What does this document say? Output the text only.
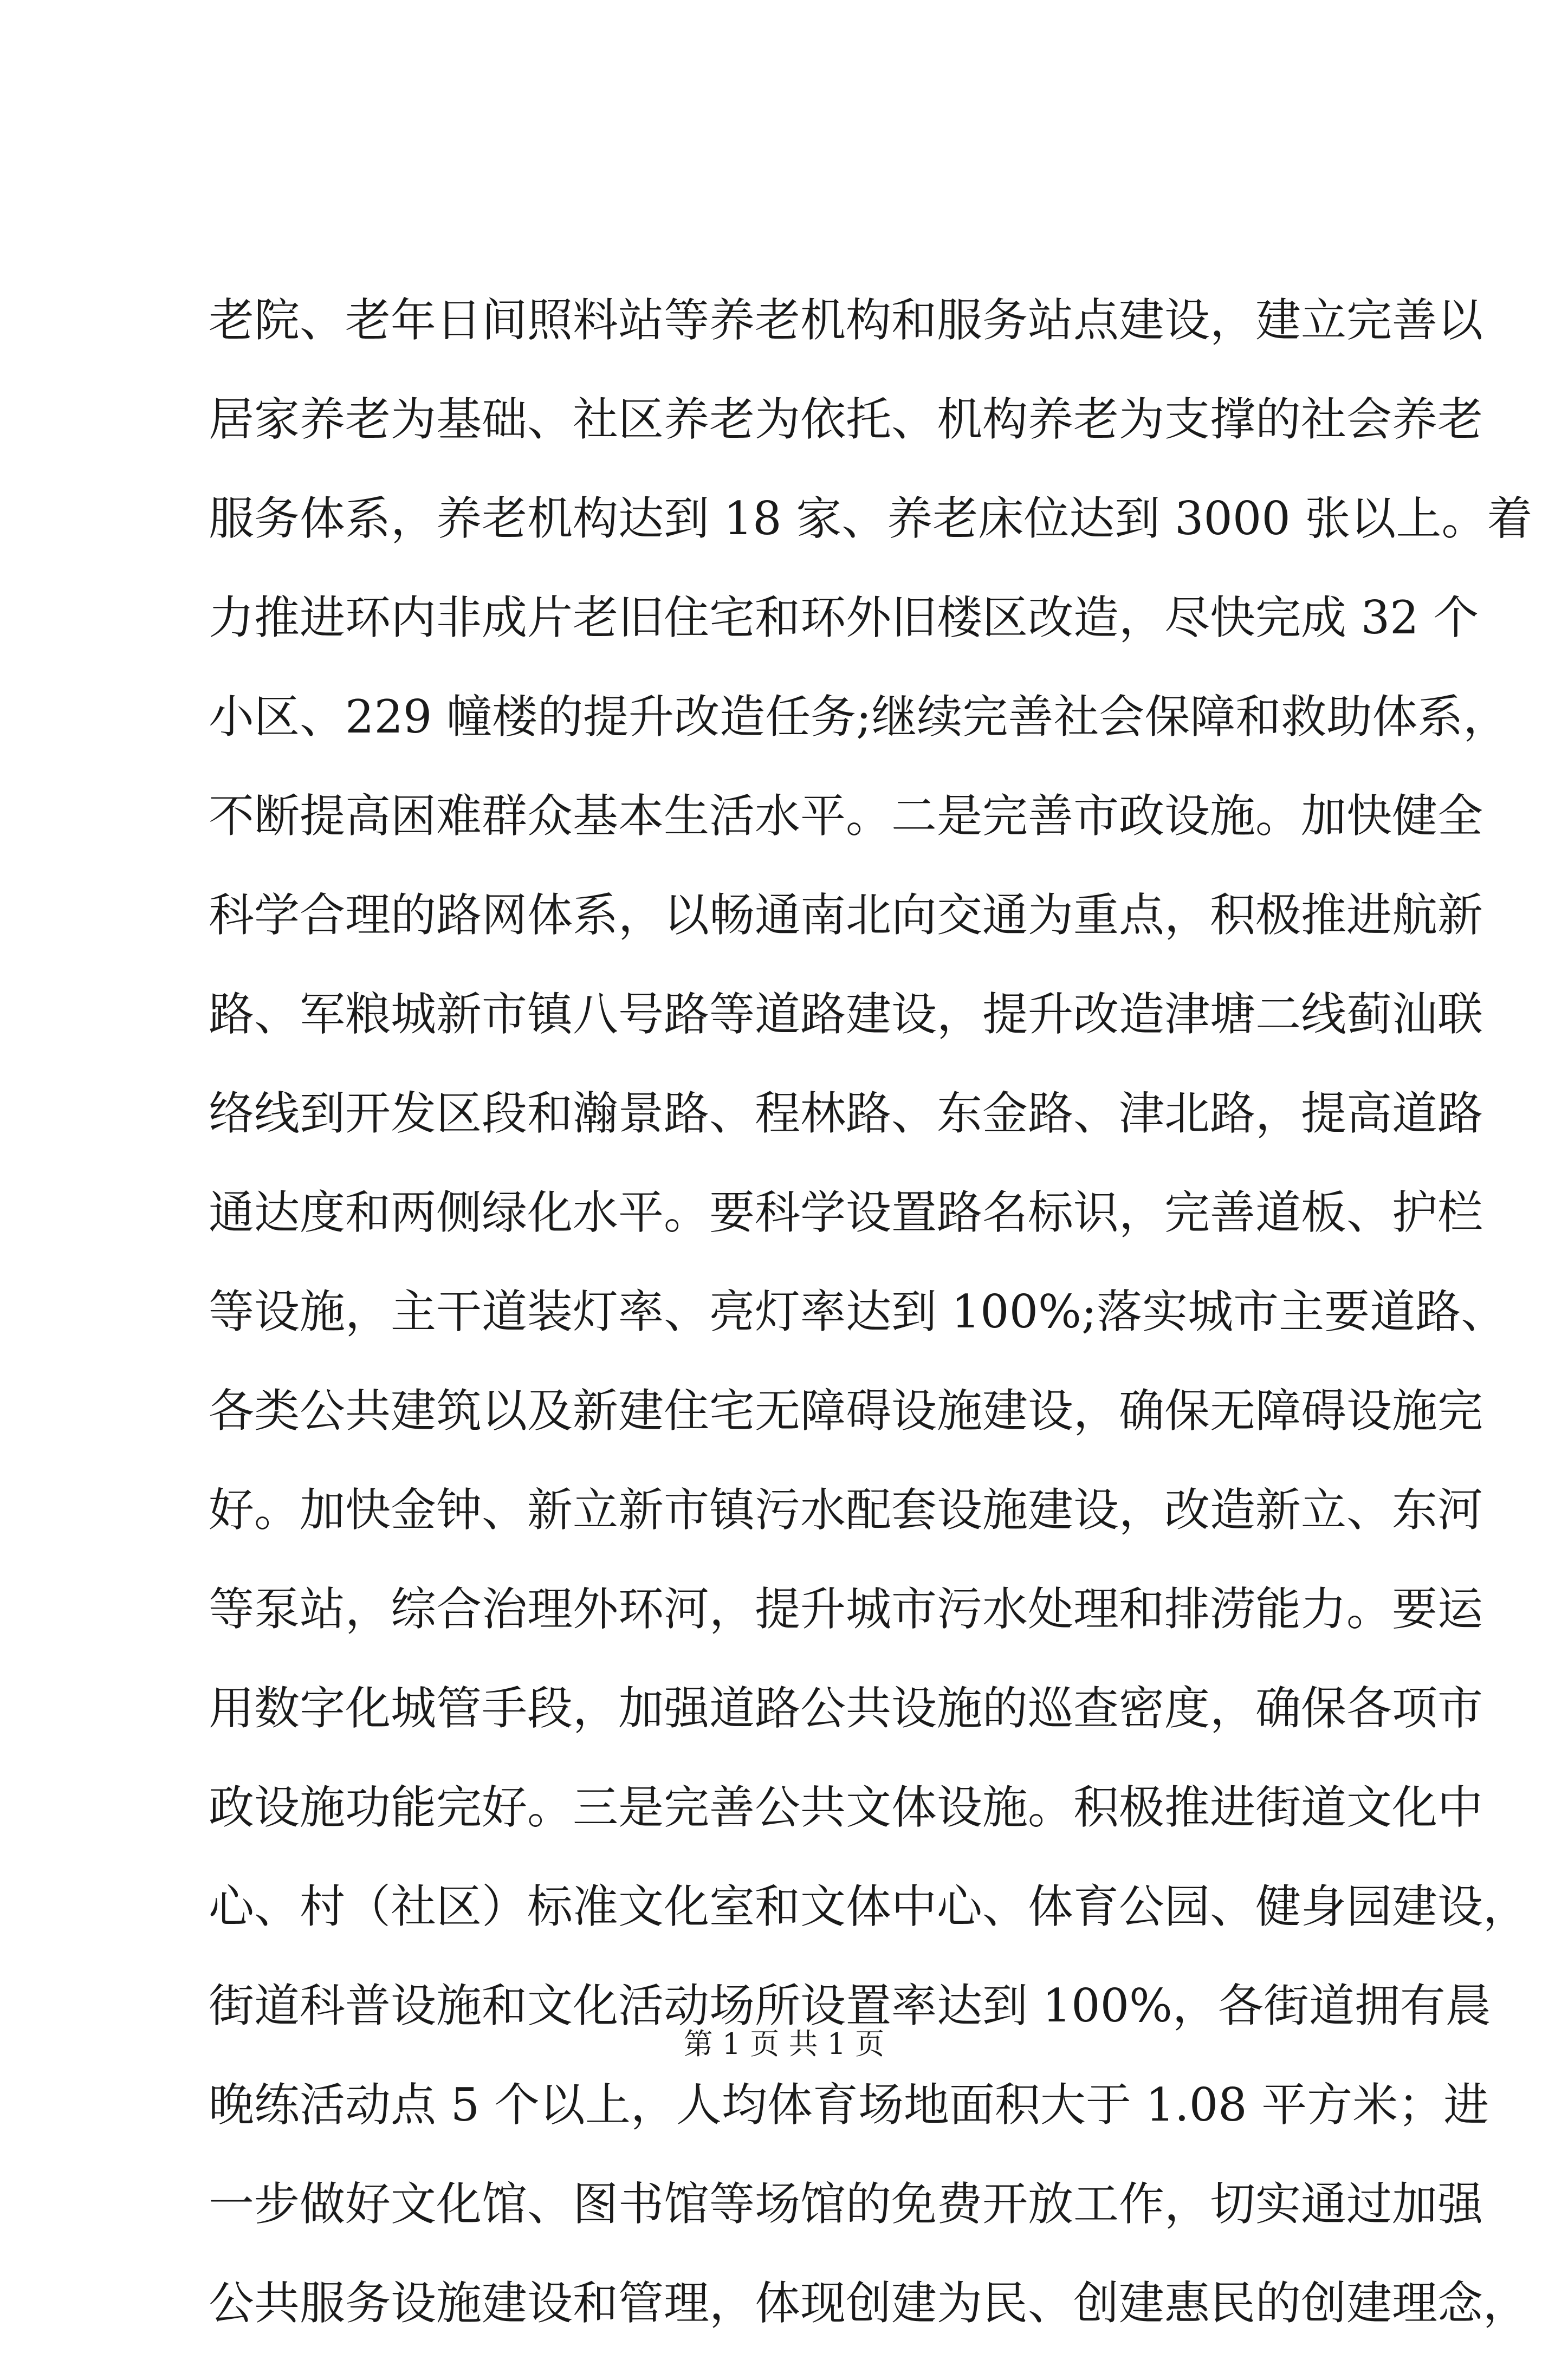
老院、老年日间照料站等养老机构和服务站点建设，建立完善以
居家养老为基础、社区养老为依托、机构养老为支撑的社会养老
服务体系，养老机构达到 18 家、养老床位达到 3000 张以上。着
力推进环内非成片老旧住宅和环外旧楼区改造，尽快完成 32 个
小区、229 幢楼的提升改造任务;继续完善社会保障和救助体系，
不断提高困难群众基本生活水平。二是完善市政设施。加快健全
科学合理的路网体系，以畅通南北向交通为重点，积极推进航新
路、军粮城新市镇八号路等道路建设，提升改造津塘二线蓟汕联
络线到开发区段和瀚景路、程林路、东金路、津北路，提高道路
通达度和两侧绿化水平。要科学设置路名标识，完善道板、护栏
等设施，主干道装灯率、亮灯率达到 100%;落实城市主要道路、
各类公共建筑以及新建住宅无障碍设施建设，确保无障碍设施完
好。加快金钟、新立新市镇污水配套设施建设，改造新立、东河
等泵站，综合治理外环河，提升城市污水处理和排涝能力。要运
用数字化城管手段，加强道路公共设施的巡查密度，确保各项市
政设施功能完好。三是完善公共文体设施。积极推进街道文化中
心、村（社区）标准文化室和文体中心、体育公园、健身园建设，
街道科普设施和文化活动场所设置率达到 100%，各街道拥有晨
晚练活动点 5 个以上，人均体育场地面积大于 1.08 平方米；进
一步做好文化馆、图书馆等场馆的免费开放工作，切实通过加强
公共服务设施建设和管理，体现创建为民、创建惠民的创建理念，
第 1 页 共 1 页
